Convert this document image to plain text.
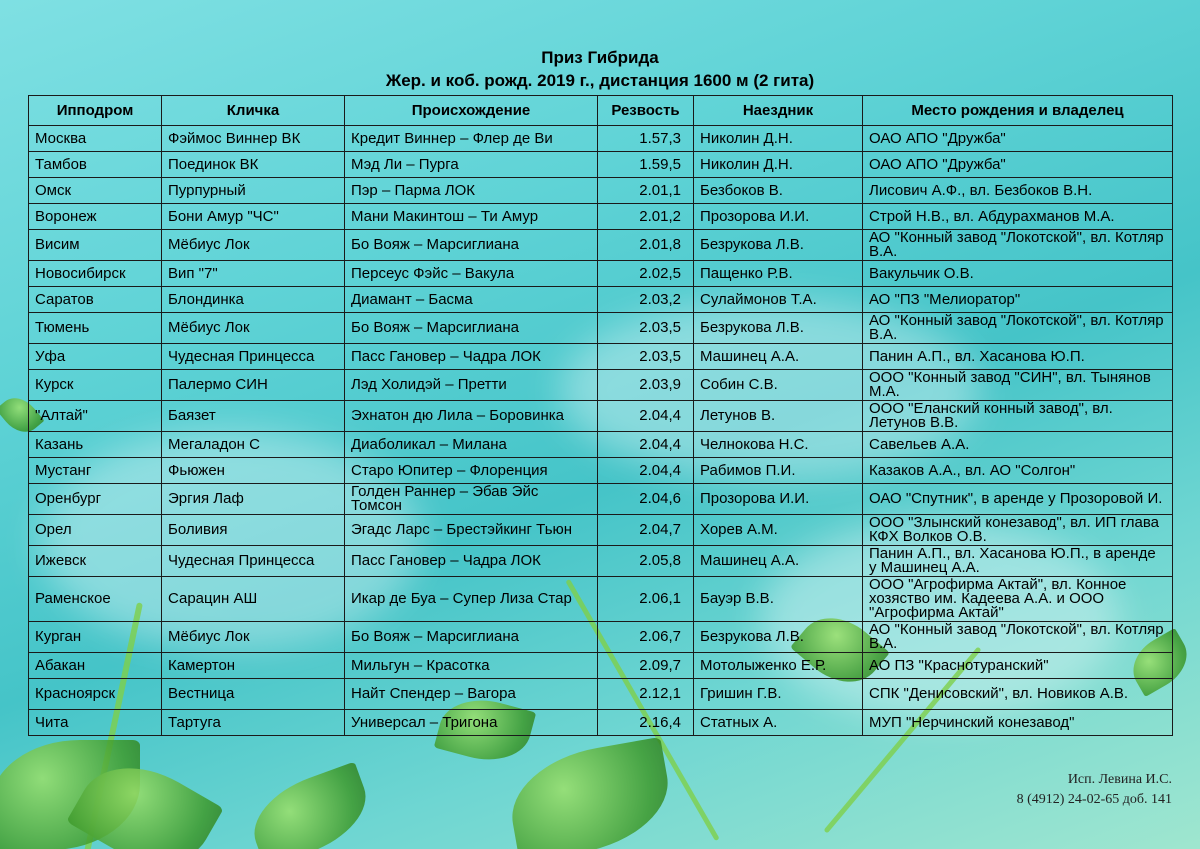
Приз Гибрида
Жер. и коб. рожд. 2019 г., дистанция 1600 м (2 гита)
Ипподром	Кличка	Происхождение	Резвость	Наездник	Место рождения и владелец
Москва	Фэймос Виннер ВК	Кредит Виннер – Флер де Ви	1.57,3	Николин Д.Н.	ОАО АПО "Дружба"
Тамбов	Поединок ВК	Мэд Ли – Пурга	1.59,5	Николин Д.Н.	ОАО АПО "Дружба"
Омск	Пурпурный	Пэр – Парма ЛОК	2.01,1	Безбоков В.	Лисович А.Ф., вл. Безбоков В.Н.
Воронеж	Бони Амур "ЧС"	Мани Макинтош – Ти Амур	2.01,2	Прозорова И.И.	Строй Н.В., вл. Абдурахманов М.А.
Висим	Мёбиус Лок	Бо Вояж – Марсиглиана	2.01,8	Безрукова Л.В.	АО "Конный завод "Локотской", вл. Котляр В.А.
Новосибирск	Вип "7"	Персеус Фэйс – Вакула	2.02,5	Пащенко Р.В.	Вакульчик О.В.
Саратов	Блондинка	Диамант – Басма	2.03,2	Сулаймонов Т.А.	АО "ПЗ "Мелиоратор"
Тюмень	Мёбиус Лок	Бо Вояж – Марсиглиана	2.03,5	Безрукова Л.В.	АО "Конный завод "Локотской", вл. Котляр В.А.
Уфа	Чудесная Принцесса	Пасс Гановер – Чадра ЛОК	2.03,5	Машинец А.А.	Панин А.П., вл. Хасанова Ю.П.
Курск	Палермо СИН	Лэд Холидэй – Претти	2.03,9	Собин С.В.	ООО "Конный завод "СИН", вл. Тынянов М.А.
"Алтай"	Баязет	Эхнатон дю Лила – Боровинка	2.04,4	Летунов В.	ООО "Еланский конный завод", вл. Летунов В.В.
Казань	Мегаладон С	Диаболикал – Милана	2.04,4	Челнокова Н.С.	Савельев А.А.
Мустанг	Фьюжен	Старо Юпитер – Флоренция	2.04,4	Рабимов П.И.	Казаков А.А., вл. АО "Солгон"
Оренбург	Эргия Лаф	Голден Раннер – Эбав Эйс Томсон	2.04,6	Прозорова И.И.	ОАО "Спутник", в аренде у Прозоровой И.
Орел	Боливия	Эгадс Ларс – Брестэйкинг Тьюн	2.04,7	Хорев А.М.	ООО "Злынский конезавод", вл. ИП глава КФХ Волков О.В.
Ижевск	Чудесная Принцесса	Пасс Гановер – Чадра ЛОК	2.05,8	Машинец А.А.	Панин А.П., вл. Хасанова Ю.П., в аренде у Машинец А.А.
Раменское	Сарацин АШ	Икар де Буа – Супер Лиза Стар	2.06,1	Бауэр В.В.	ООО "Агрофирма Актай", вл. Конное хозяство им. Кадеева А.А. и ООО "Агрофирма Актай"
Курган	Мёбиус Лок	Бо Вояж – Марсиглиана	2.06,7	Безрукова Л.В.	АО "Конный завод "Локотской", вл. Котляр В.А.
Абакан	Камертон	Мильгун – Красотка	2.09,7	Мотолыженко Е.Р.	АО ПЗ "Краснотуранский"
Красноярск	Вестница	Найт Спендер – Вагора	2.12,1	Гришин Г.В.	СПК "Денисовский", вл. Новиков А.В.
Чита	Тартуга	Универсал – Тригона	2.16,4	Статных А.	МУП "Нерчинский конезавод"
Исп. Левина И.С.
8 (4912) 24-02-65 доб. 141
